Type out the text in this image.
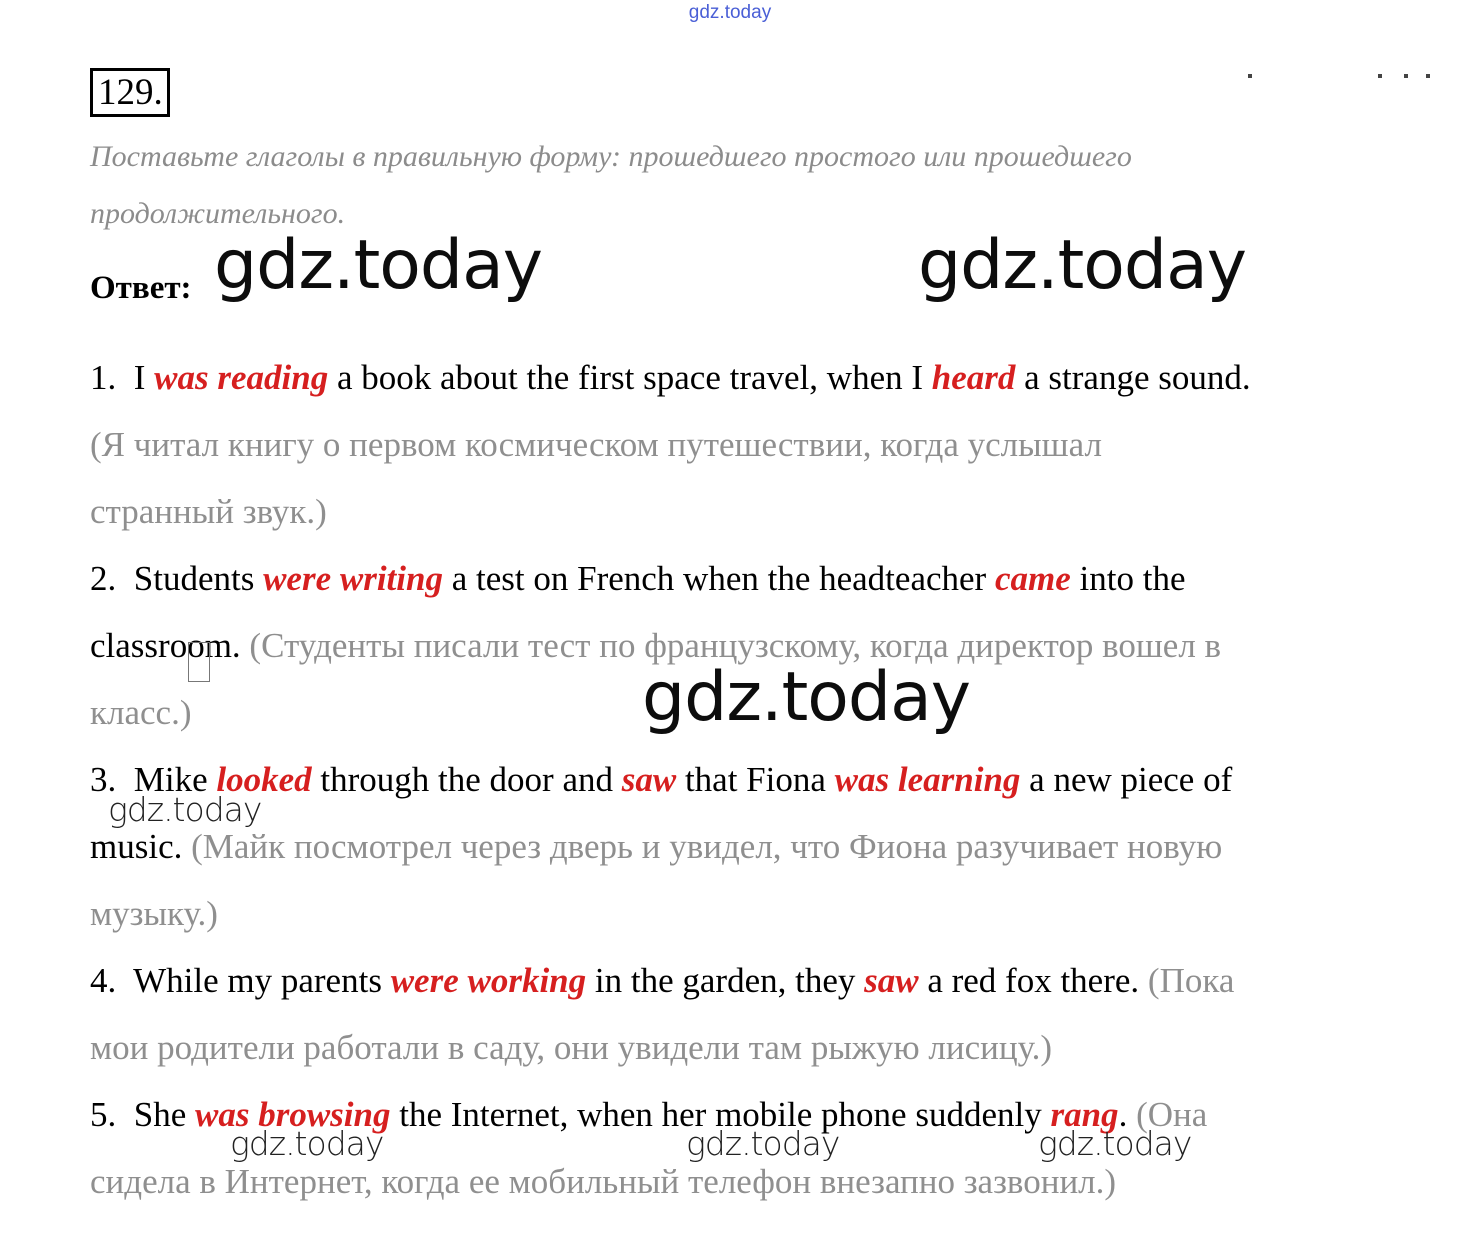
gdz.today
129.
Поставьте глаголы в правильную форму: прошедшего простого или прошедшего
продолжительного.
Ответ:
1. I was reading a book about the first space travel, when I heard a strange sound.
(Я читал книгу о первом космическом путешествии, когда услышал
странный звук.)
2. Students were writing a test on French when the headteacher came into the
classroom. (Студенты писали тест по французскому, когда директор вошел в
класс.)
3. Mike looked through the door and saw that Fiona was learning a new piece of
music. (Майк посмотрел через дверь и увидел, что Фиона разучивает новую
музыку.)
4. While my parents were working in the garden, they saw a red fox there. (Пока
мои родители работали в саду, они увидели там рыжую лисицу.)
5. She was browsing the Internet, when her mobile phone suddenly rang. (Она
сидела в Интернет, когда ее мобильный телефон внезапно зазвонил.)
gdz.today	gdz.today
gdz.today
gdz.today
gdz.today	gdz.today	gdz.today
